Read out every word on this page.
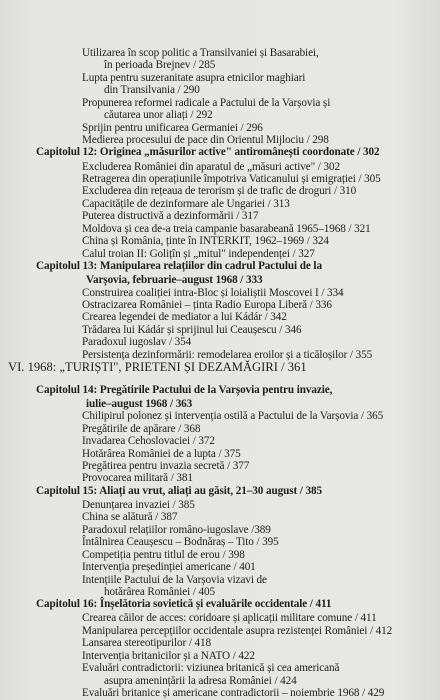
Utilizarea în scop politic a Transilvaniei și Basarabiei,
în perioada Brejnev / 285
Lupta pentru suzeranitate asupra etnicilor maghiari
din Transilvania / 290
Propunerea reformei radicale a Pactului de la Varșovia și
căutarea unor aliați / 292
Sprijin pentru unificarea Germaniei / 296
Medierea procesului de pace din Orientul Mijlociu / 298
Capitolul 12: Originea „măsurilor active" antiromânești coordonate / 302
Excluderea României din aparatul de „măsuri active" / 302
Retragerea din operațiunile împotriva Vaticanului și emigrației / 305
Excluderea din rețeaua de terorism și de trafic de droguri / 310
Capacitățile de dezinformare ale Ungariei / 313
Puterea distructivă a dezinformării / 317
Moldova și cea de-a treia campanie basarabeană 1965–1968 / 321
China și România, ținte în INTERKIT, 1962–1969 / 324
Calul troian II: Golițîn și „mitul" independenței / 327
Capitolul 13: Manipularea relațiilor din cadrul Pactului de la
Varșovia, februarie–august 1968 / 333
Construirea coaliției intra-Bloc și loialiștii Moscovei I / 334
Ostracizarea României – ținta Radio Europa Liberă / 336
Crearea legendei de mediator a lui Kádár / 342
Trădarea lui Kádár și sprijinul lui Ceaușescu / 346
Paradoxul iugoslav / 354
Persistența dezinformării: remodelarea eroilor și a ticăloșilor / 355
VI. 1968: „TURIȘTI", PRIETENI ȘI DEZAMĂGIRI / 361
Capitolul 14: Pregătirile Pactului de la Varșovia pentru invazie,
iulie–august 1968 / 363
Chilipirul polonez și intervenția ostilă a Pactului de la Varșovia / 365
Pregătirile de apărare / 368
Invadarea Cehoslovaciei / 372
Hotărârea României de a lupta / 375
Pregătirea pentru invazia secretă / 377
Provocarea militară / 381
Capitolul 15: Aliați au vrut, aliați au găsit, 21–30 august / 385
Denunțarea invaziei / 385
China se alătură / 387
Paradoxul relațiilor româno-iugoslave /389
Întâlnirea Ceaușescu – Bodnăraș – Tito / 395
Competiția pentru titlul de erou / 398
Intervenția președinției americane / 401
Intențiile Pactului de la Varșovia vizavi de
hotărârea României / 405
Capitolul 16: Înșelătoria sovietică și evaluările occidentale / 411
Crearea căilor de acces: coridoare și aplicații militare comune / 411
Manipularea percepțiilor occidentale asupra rezistenței României / 412
Lansarea stereotipurilor / 418
Intervenția britanicilor și a NATO / 422
Evaluări contradictorii: viziunea britanică și cea americană
asupra amenințării la adresa României / 424
Evaluări britanice și americane contradictorii – noiembrie 1968 / 429
